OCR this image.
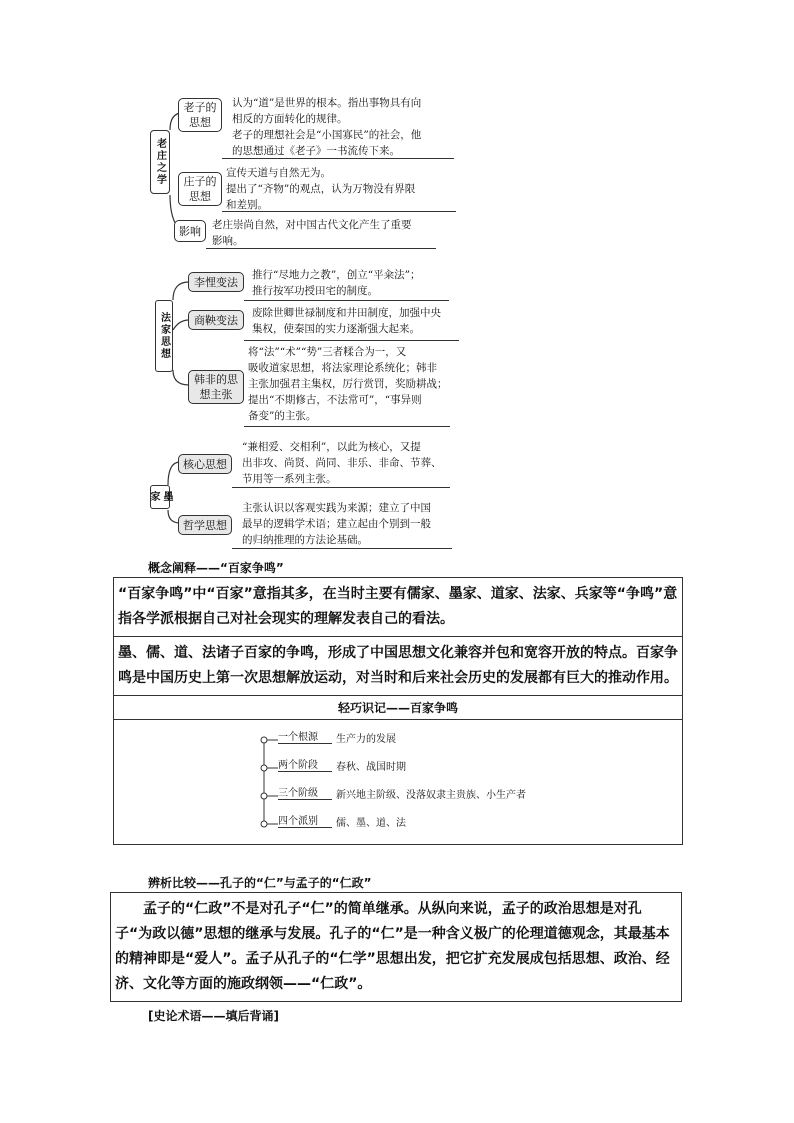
老庄之学
老子的思想
认为“道”是世界的根本。指出事物具有向
相反的方面转化的规律。
老子的理想社会是“小国寡民”的社会，他
的思想通过《老子》一书流传下来。
庄子的思想
宣传天道与自然无为。
提出了“齐物”的观点，认为万物没有界限
和差别。
影响	老庄崇尚自然，对中国古代文化产生了重要
影响。
法家思想
李悝变法
推行“尽地力之教”，创立“平籴法”；
推行按军功授田宅的制度。
商鞅变法
废除世卿世禄制度和井田制度，加强中央
集权，使秦国的实力逐渐强大起来。
韩非的思想主张
将“法”“术”“势”三者糅合为一，又
吸收道家思想，将法家理论系统化；韩非
主张加强君主集权，厉行赏罚，奖励耕战；
提出“不期修古，不法常可”，“事异则
备变”的主张。
墨家
核心思想
“兼相爱、交相利”，以此为核心，又提
出非攻、尚贤、尚同、非乐、非命、节葬、
节用等一系列主张。
哲学思想
主张认识以客观实践为来源；建立了中国
最早的逻辑学术语；建立起由个别到一般
的归纳推理的方法论基础。
概念阐释——“百家争鸣”
“百家争鸣”中“百家”意指其多，在当时主要有儒家、墨家、道家、法家、兵家等“争鸣”意指各学派根据自己对社会现实的理解发表自己的看法。
墨、儒、道、法诸子百家的争鸣，形成了中国思想文化兼容并包和宽容开放的特点。百家争鸣是中国历史上第一次思想解放运动，对当时和后来社会历史的发展都有巨大的推动作用。
轻巧识记——百家争鸣
一个根源	生产力的发展
两个阶段	春秋、战国时期
三个阶级	新兴地主阶级、没落奴隶主贵族、小生产者
四个派别	儒、墨、道、法
辨析比较——孔子的“仁”与孟子的“仁政”
孟子的“仁政”不是对孔子“仁”的简单继承。从纵向来说，孟子的政治思想是对孔子“为政以德”思想的继承与发展。孔子的“仁”是一种含义极广的伦理道德观念，其最基本的精神即是“爱人”。孟子从孔子的“仁学”思想出发，把它扩充发展成包括思想、政治、经济、文化等方面的施政纲领——“仁政”。
[史论术语——填后背诵]
